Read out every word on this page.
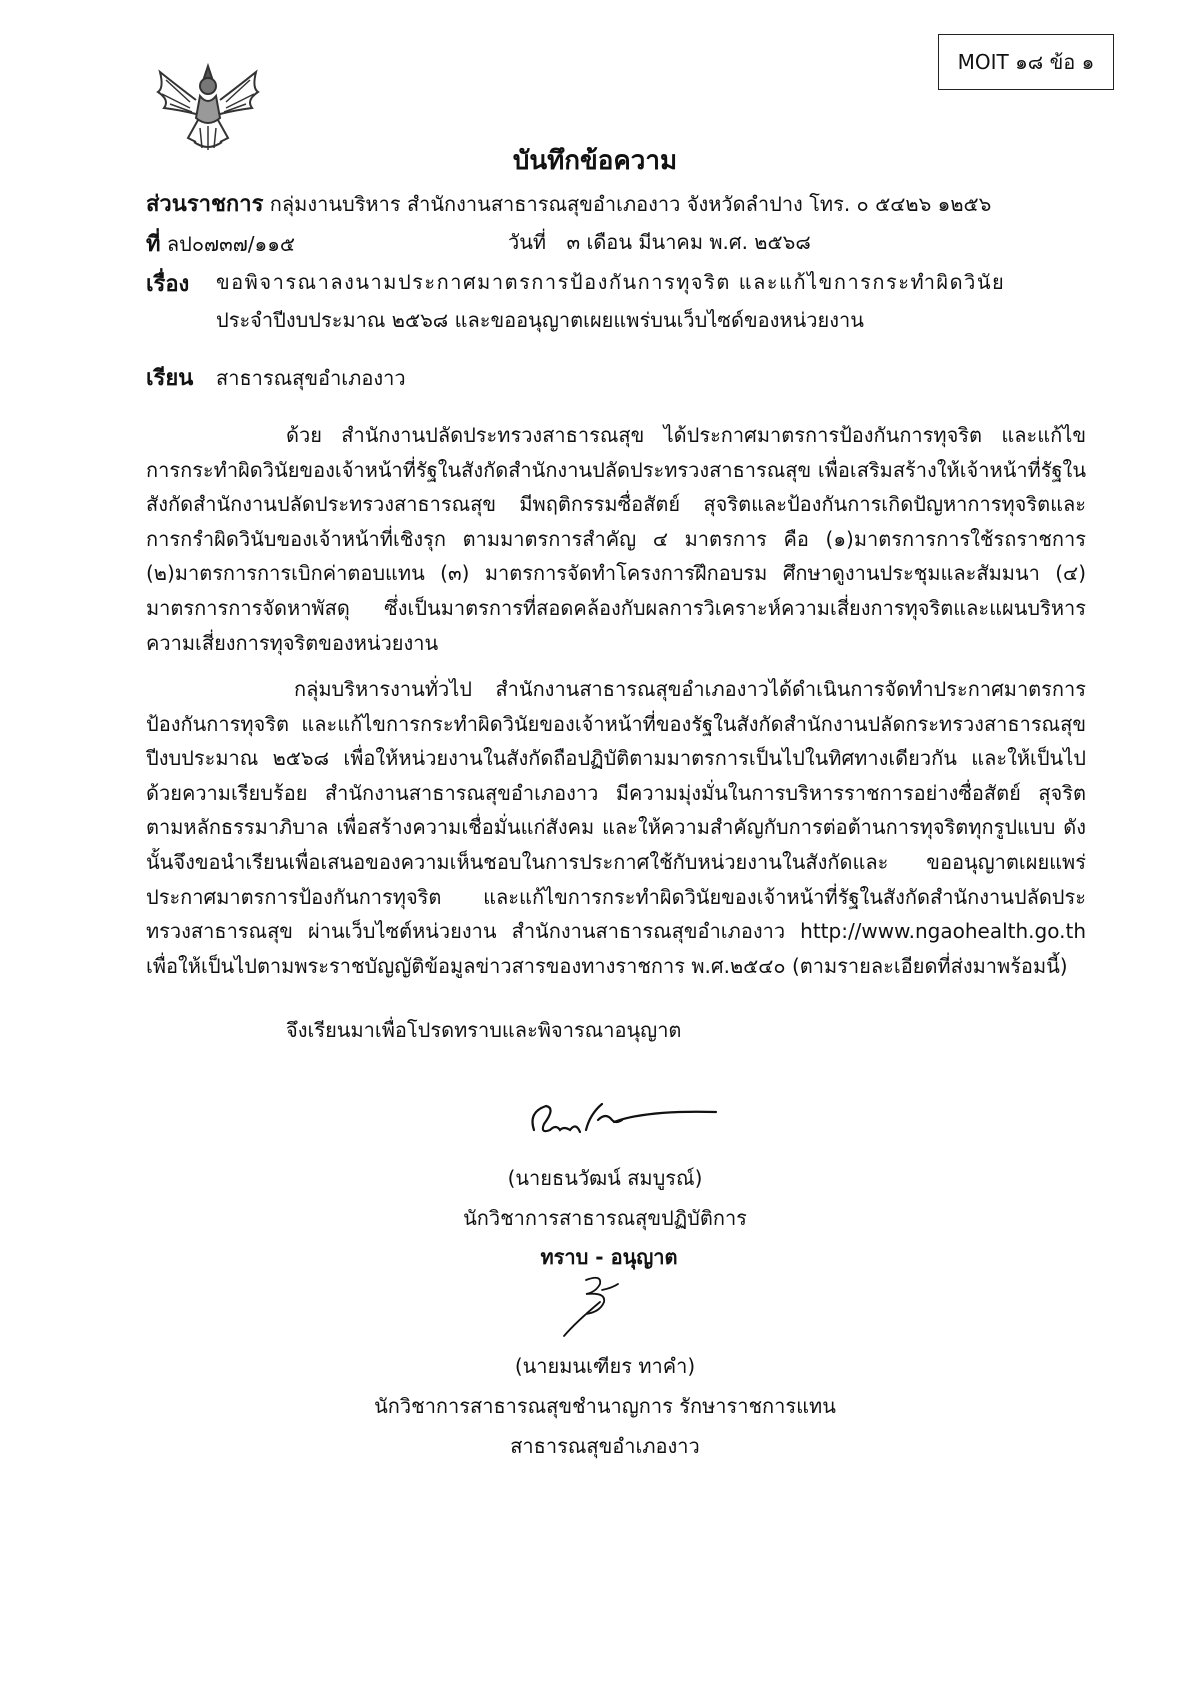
MOIT ๑๘ ข้อ ๑
บันทึกข้อความ
ส่วนราชการ กลุ่มงานบริหาร สำนักงานสาธารณสุขอำเภองาว จังหวัดลำปาง โทร. ๐ ๕๔๒๖ ๑๒๕๖
ที่ ลป๐๗๓๗/๑๑๕	วันที่ ๓ เดือน มีนาคม พ.ศ. ๒๕๖๘
เรื่อง ขอพิจารณาลงนามประกาศมาตรการป้องกันการทุจริต และแก้ไขการกระทำผิดวินัย
ประจำปีงบประมาณ ๒๕๖๘ และขออนุญาตเผยแพร่บนเว็บไซด์ของหน่วยงาน
เรียน สาธารณสุขอำเภองาว

ด้วย สำนักงานปลัดประทรวงสาธารณสุข ได้ประกาศมาตรการป้องกันการทุจริต และแก้ไขการกระทำผิดวินัยของเจ้าหน้าที่รัฐในสังกัดสำนักงานปลัดประทรวงสาธารณสุข เพื่อเสริมสร้างให้เจ้าหน้าที่รัฐในสังกัดสำนักงานปลัดประทรวงสาธารณสุข มีพฤติกรรมซื่อสัตย์ สุจริตและป้องกันการเกิดปัญหาการทุจริตและการกรำผิดวินับของเจ้าหน้าที่เชิงรุก ตามมาตรการสำคัญ ๔ มาตรการ คือ (๑)มาตรการการใช้รถราชการ (๒)มาตรการการเบิกค่าตอบแทน (๓) มาตรการจัดทำโครงการฝึกอบรม ศึกษาดูงานประชุมและสัมมนา (๔) มาตรการการจัดหาพัสดุ ซึ่งเป็นมาตรการที่สอดคล้องกับผลการวิเคราะห์ความเสี่ยงการทุจริตและแผนบริหารความเสี่ยงการทุจริตของหน่วยงาน

กลุ่มบริหารงานทั่วไป สำนักงานสาธารณสุขอำเภองาวได้ดำเนินการจัดทำประกาศมาตรการป้องกันการทุจริต และแก้ไขการกระทำผิดวินัยของเจ้าหน้าที่ของรัฐในสังกัดสำนักงานปลัดกระทรวงสาธารณสุข ปีงบประมาณ ๒๕๖๘ เพื่อให้หน่วยงานในสังกัดถือปฏิบัติตามมาตรการเป็นไปในทิศทางเดียวกัน และให้เป็นไปด้วยความเรียบร้อย สำนักงานสาธารณสุขอำเภองาว มีความมุ่งมั่นในการบริหารราชการอย่างซื่อสัตย์ สุจริตตามหลักธรรมาภิบาล เพื่อสร้างความเชื่อมั่นแก่สังคม และให้ความสำคัญกับการต่อต้านการทุจริตทุกรูปแบบ ดังนั้นจึงขอนำเรียนเพื่อเสนอของความเห็นชอบในการประกาศใช้กับหน่วยงานในสังกัดและ ขออนุญาตเผยแพร่ประกาศมาตรการป้องกันการทุจริต และแก้ไขการกระทำผิดวินัยของเจ้าหน้าที่รัฐในสังกัดสำนักงานปลัดประทรวงสาธารณสุข ผ่านเว็บไซต์หน่วยงาน สำนักงานสาธารณสุขอำเภองาว http://www.ngaohealth.go.th เพื่อให้เป็นไปตามพระราชบัญญัติข้อมูลข่าวสารของทางราชการ พ.ศ.๒๕๔๐ (ตามรายละเอียดที่ส่งมาพร้อมนี้)

จึงเรียนมาเพื่อโปรดทราบและพิจารณาอนุญาต
(นายธนวัฒน์ สมบูรณ์)
นักวิชาการสาธารณสุขปฏิบัติการ
ทราบ - อนุญาต
(นายมนเฑียร ทาคำ)
นักวิชาการสาธารณสุขชำนาญการ รักษาราชการแทน
สาธารณสุขอำเภองาว
